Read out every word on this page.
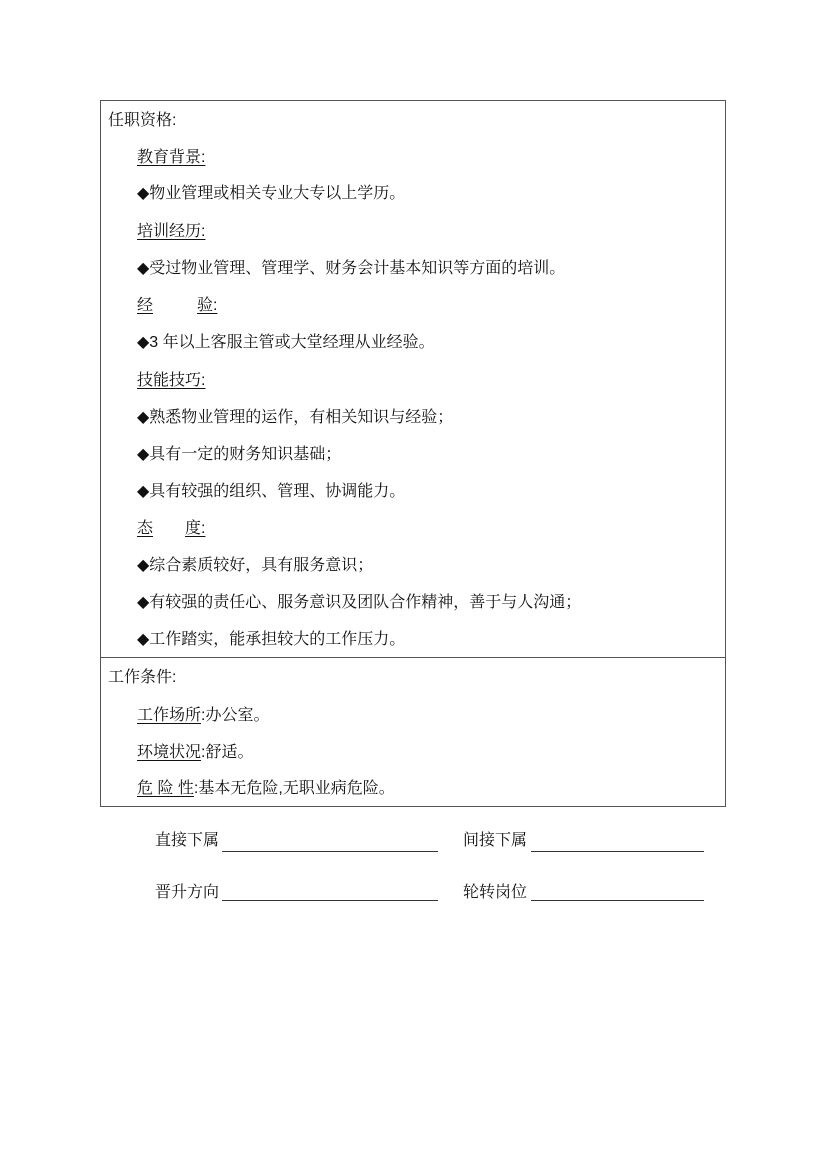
任职资格:
教育背景:
◆物业管理或相关专业大专以上学历。
培训经历:
◆受过物业管理、管理学、财务会计基本知识等方面的培训。
经	验:
◆3 年以上客服主管或大堂经理从业经验。
技能技巧:
◆熟悉物业管理的运作，有相关知识与经验；
◆具有一定的财务知识基础；
◆具有较强的组织、管理、协调能力。
态 度:
◆综合素质较好，具有服务意识；
◆有较强的责任心、服务意识及团队合作精神，善于与人沟通；
◆工作踏实，能承担较大的工作压力。
工作条件:
工作场所:办公室。
环境状况:舒适。
危 险 性:基本无危险,无职业病危险。
直接下属	间接下属
晋升方向	轮转岗位
